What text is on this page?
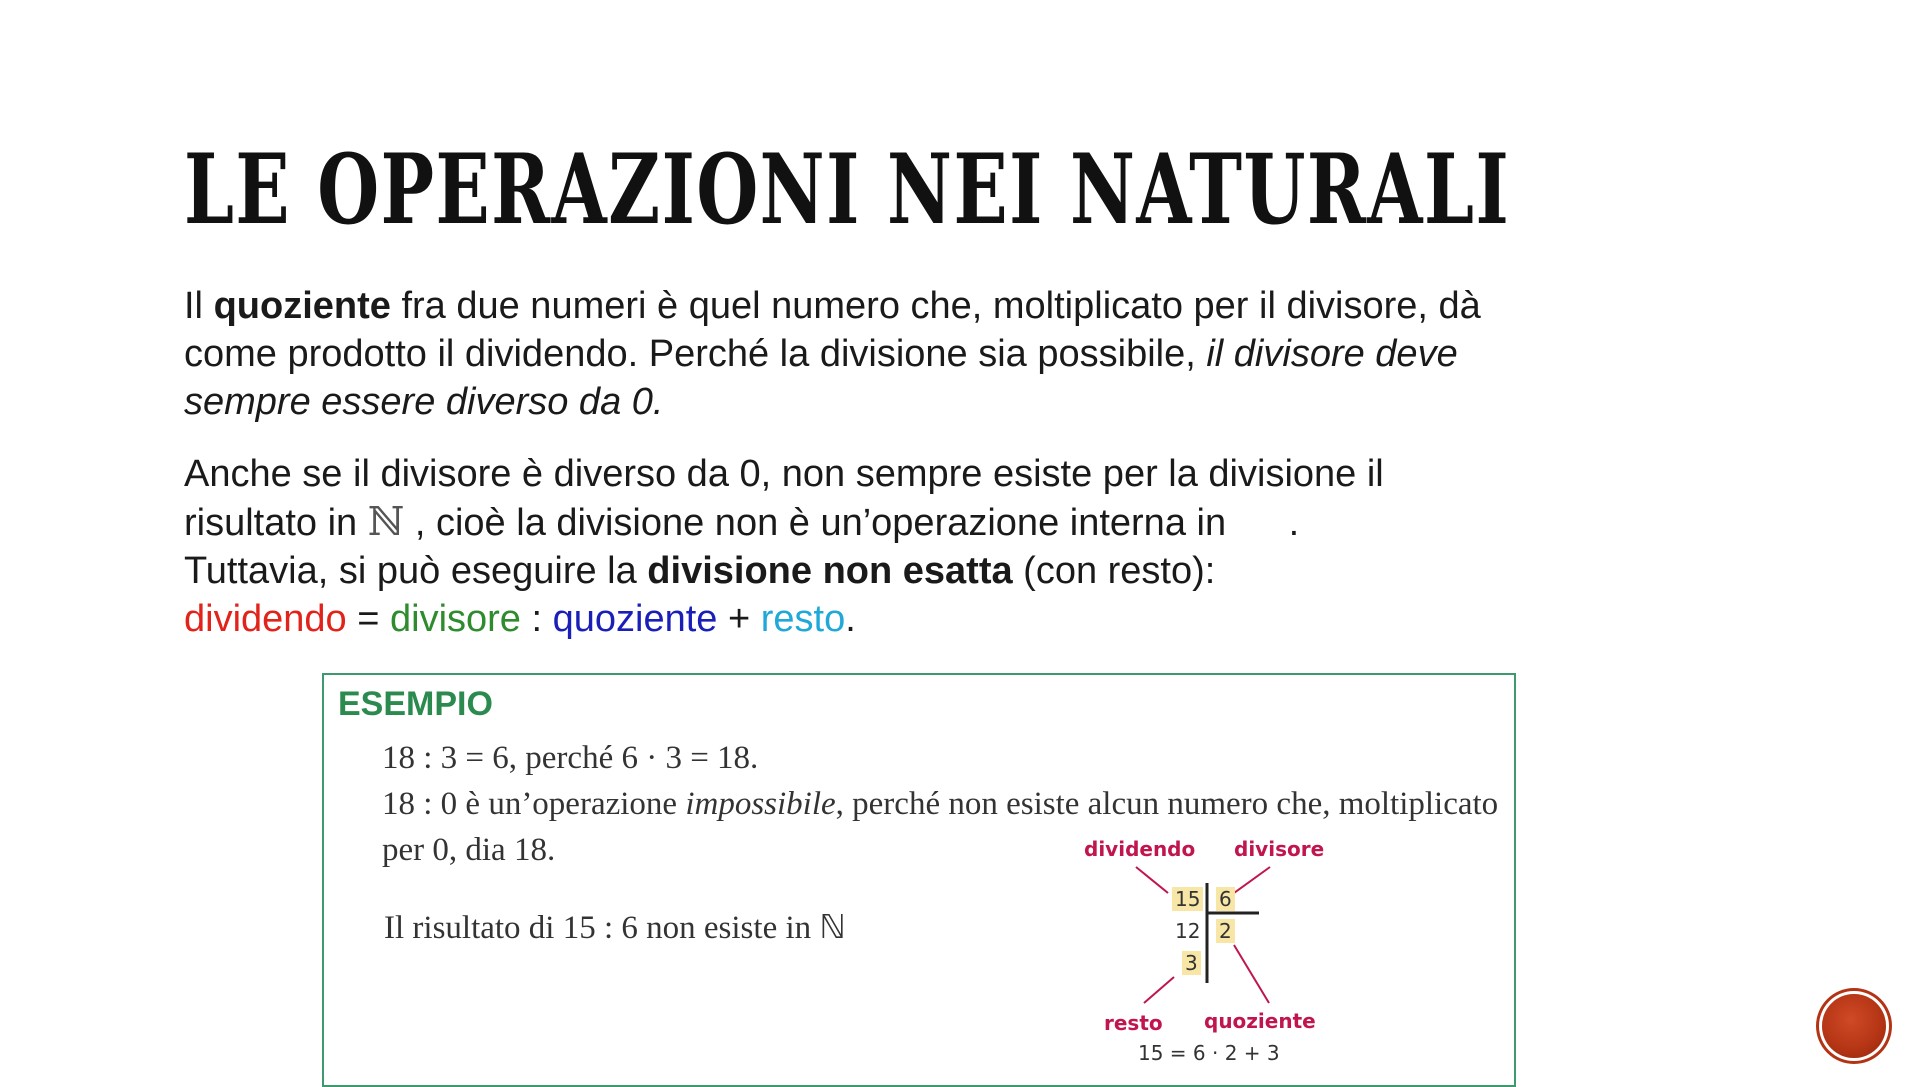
LE OPERAZIONI NEI NATURALI

Il quoziente fra due numeri è quel numero che, moltiplicato per il divisore, dà come prodotto il dividendo. Perché la divisione sia possibile, il divisore deve sempre essere diverso da 0.

Anche se il divisore è diverso da 0, non sempre esiste per la divisione il risultato in ℕ , cioè la divisione non è un’operazione interna in .
Tuttavia, si può eseguire la divisione non esatta (con resto):
dividendo = divisore : quoziente + resto.

ESEMPIO

18 : 3 = 6, perché 6 · 3 = 18.

18 : 0 è un’operazione impossibile, perché non esiste alcun numero che, moltiplicato per 0, dia 18.

Il risultato di 15 : 6 non esiste in ℕ
dividendo divisore
15 6
12 2
3
resto quoziente
15 = 6 · 2 + 3
